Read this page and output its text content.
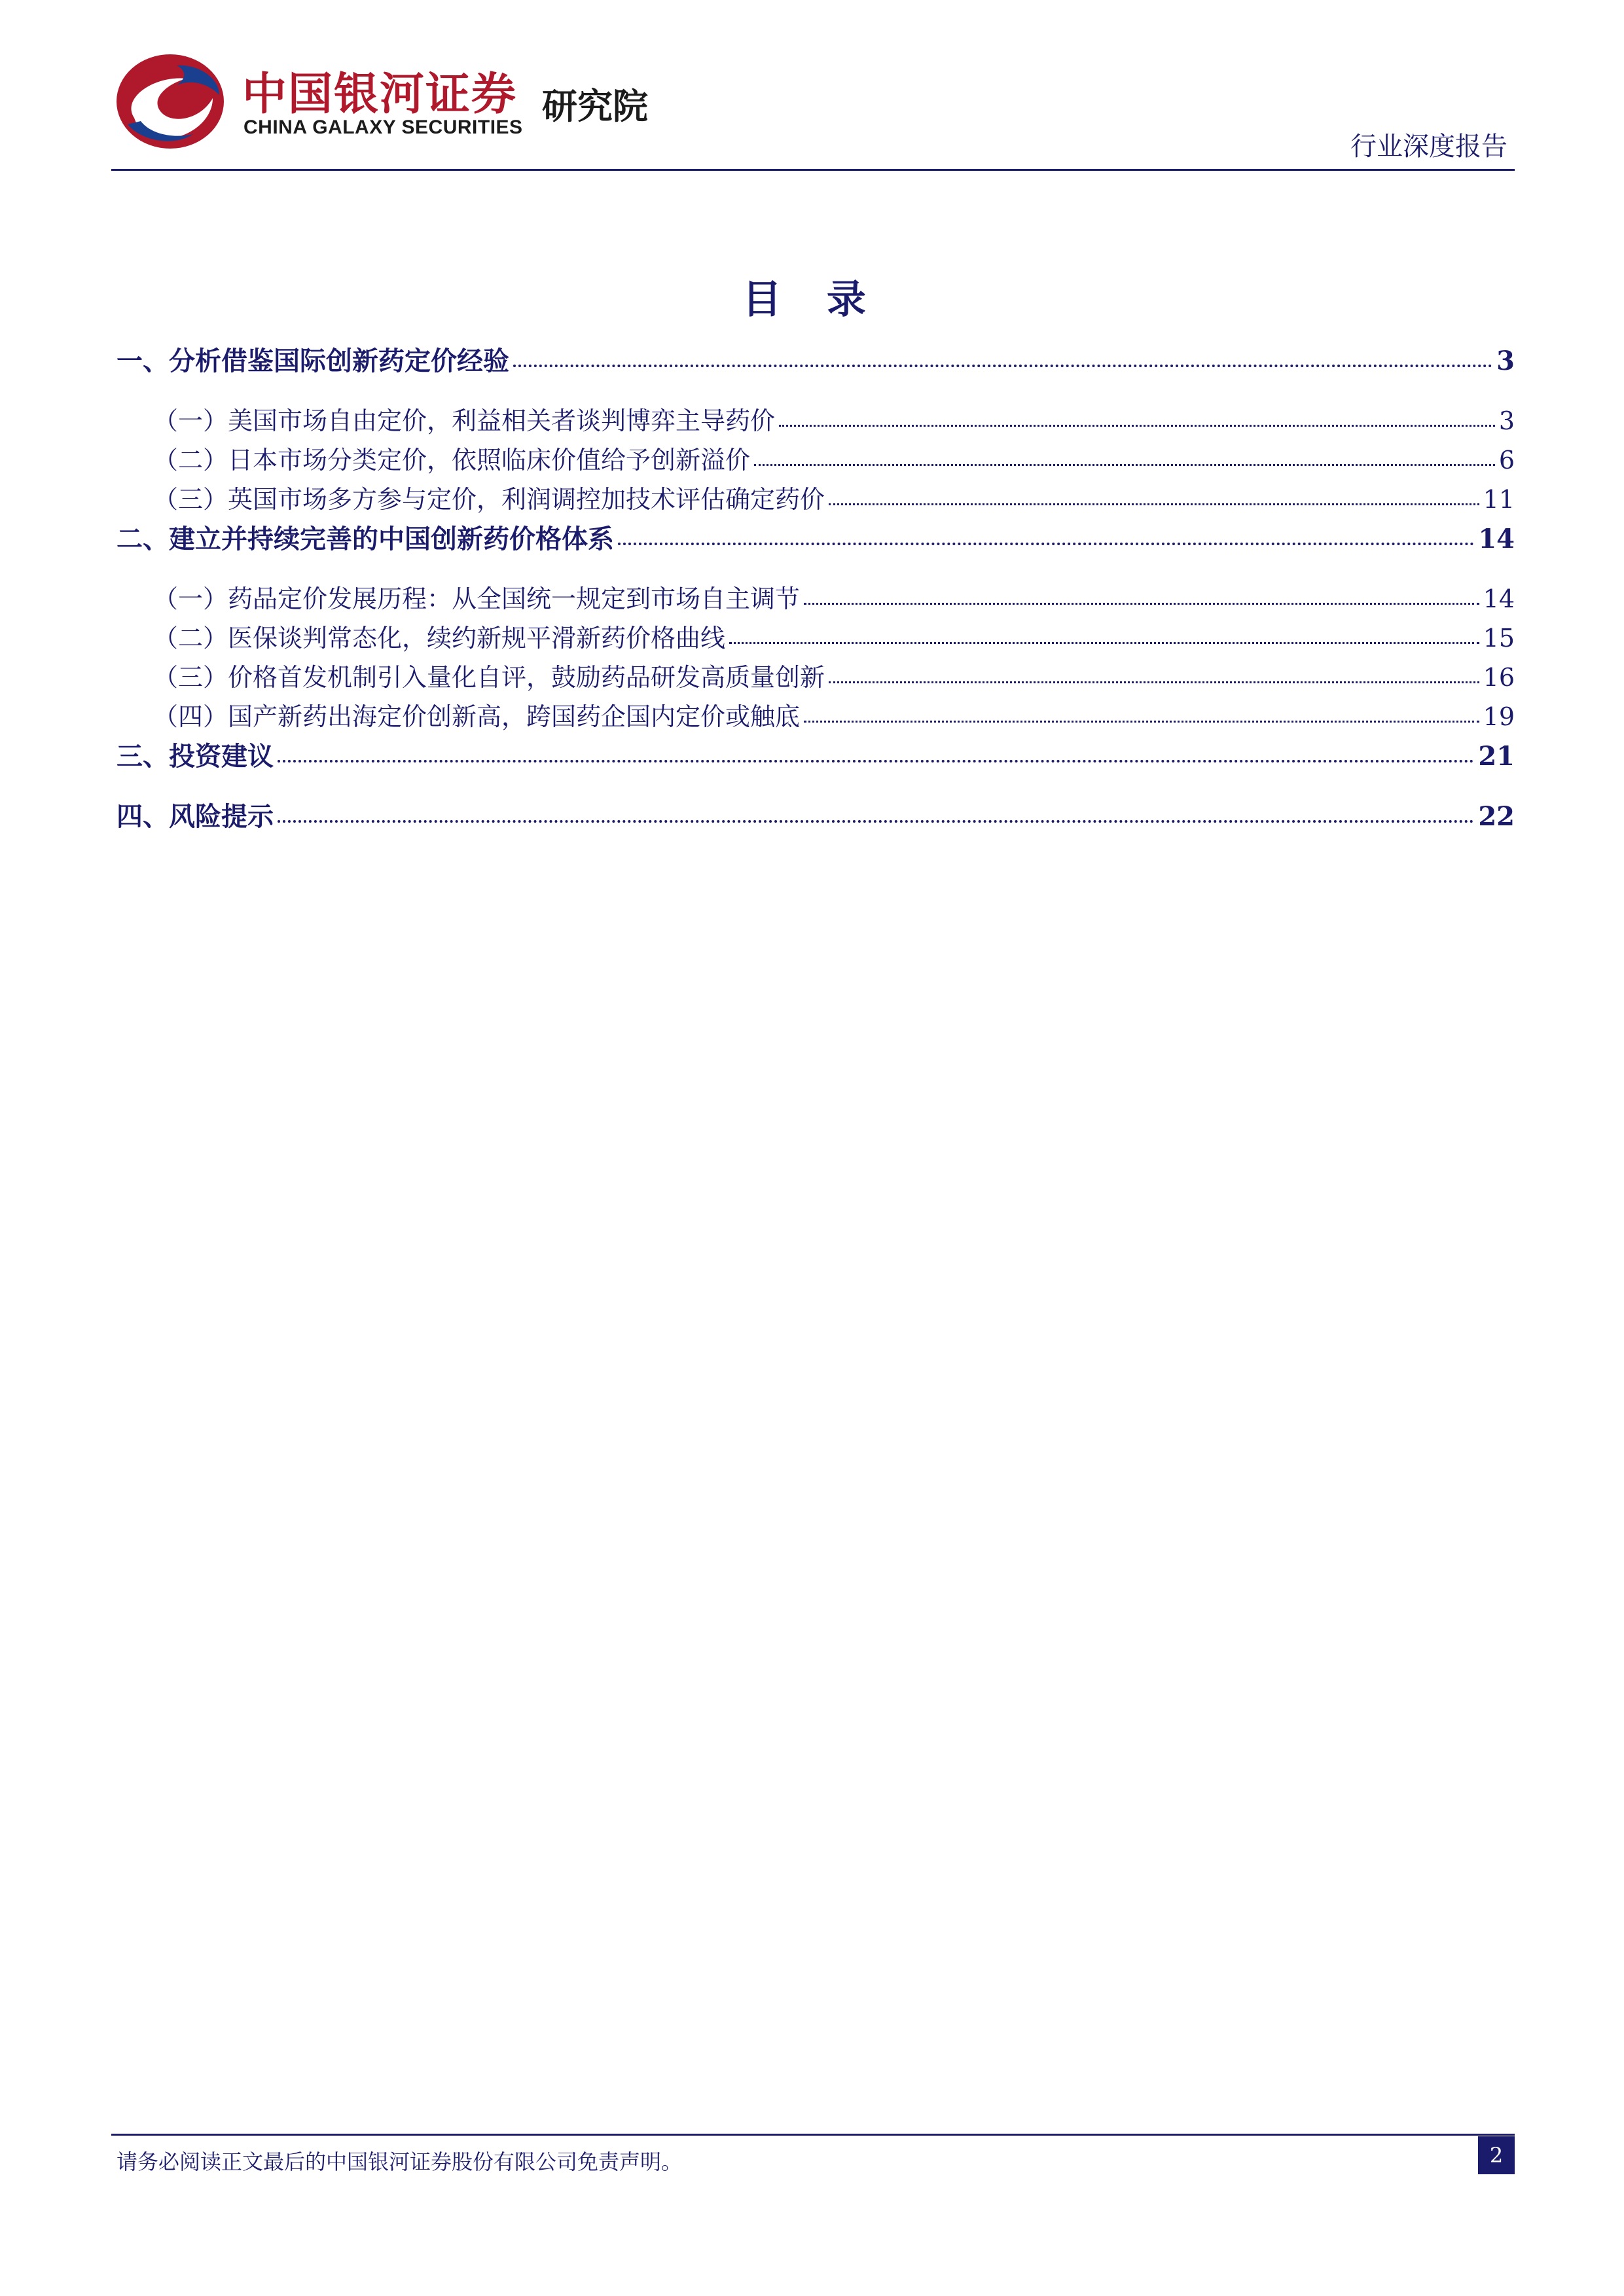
中国银河证券
CHINA GALAXY SECURITIES
研究院
行业深度报告
目 录
一、分析借鉴国际创新药定价经验	3
（一）美国市场自由定价，利益相关者谈判博弈主导药价	3
（二）日本市场分类定价，依照临床价值给予创新溢价	6
（三）英国市场多方参与定价，利润调控加技术评估确定药价	11
二、建立并持续完善的中国创新药价格体系	14
（一）药品定价发展历程：从全国统一规定到市场自主调节	14
（二）医保谈判常态化，续约新规平滑新药价格曲线	15
（三）价格首发机制引入量化自评，鼓励药品研发高质量创新	16
（四）国产新药出海定价创新高，跨国药企国内定价或触底	19
三、投资建议	21
四、风险提示	22
请务必阅读正文最后的中国银河证券股份有限公司免责声明。	2
